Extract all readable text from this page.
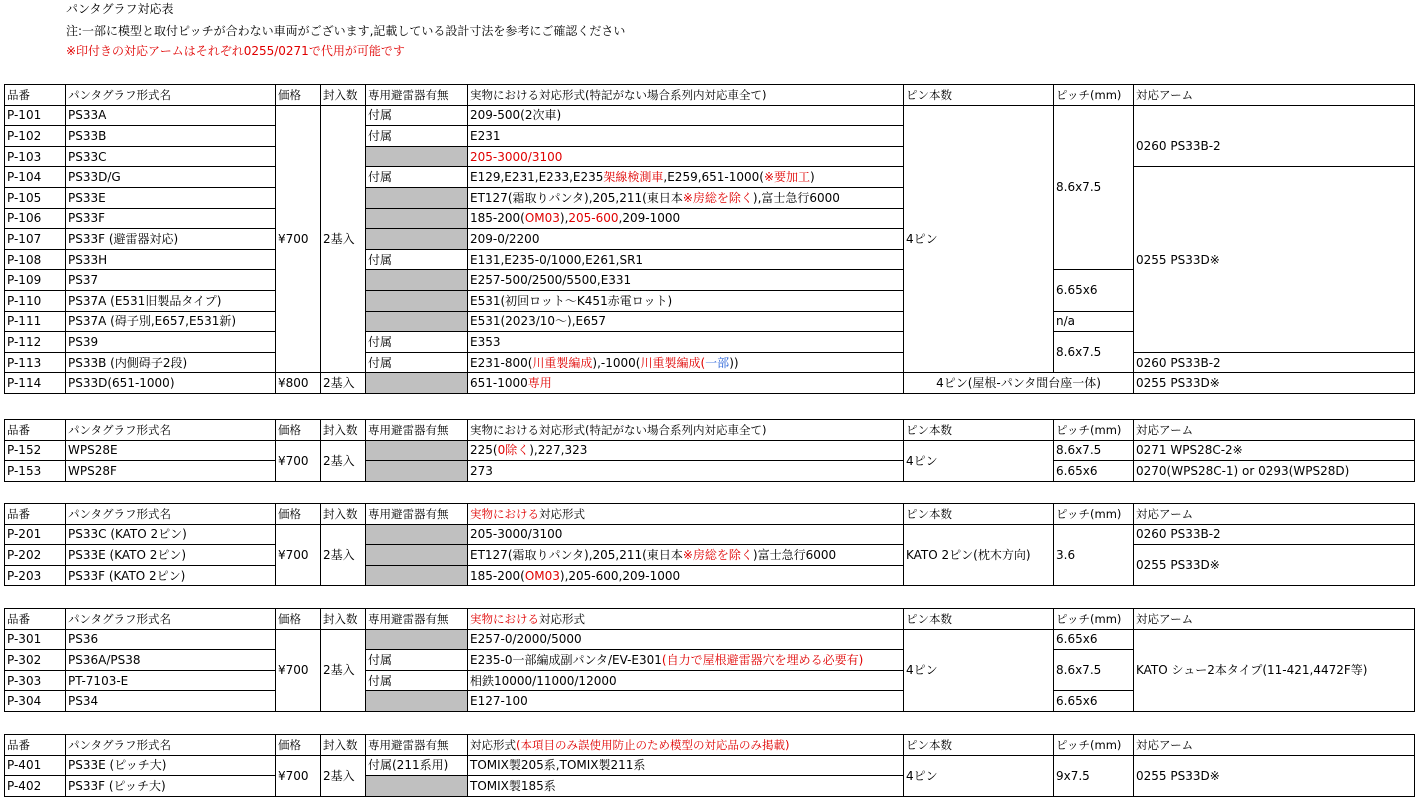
パンタグラフ対応表
注:一部に模型と取付ピッチが合わない車両がございます,記載している設計寸法を参考にご確認ください
※印付きの対応アームはそれぞれ0255/0271で代用が可能です
品番	パンタグラフ形式名	価格	封入数	専用避雷器有無	実物における対応形式(特記がない場合系列内対応車全て)	ピン本数	ピッチ(mm)	対応アーム
P-101	PS33A	¥700	2基入	付属	209-500(2次車)	4ピン	8.6x7.5	
P-102	PS33B			付属	E231			0260 PS33B-2
P-103	PS33C				205-3000/3100			
P-104	PS33D/G			付属	E129,E231,E233,E235架線検測車,E259,651-1000(※要加工)			0255 PS33D※
P-105	PS33E				ET127(霜取りパンタ),205,211(東日本※房総を除く),富士急行6000			
P-106	PS33F				185-200(OM03),205-600,209-1000			
P-107	PS33F (避雷器対応)				209-0/2200			
P-108	PS33H			付属	E131,E235-0/1000,E261,SR1			
P-109	PS37				E257-500/2500/5500,E331		6.65x6	
P-110	PS37A (E531旧製品タイプ)				E531(初回ロット〜K451赤電ロット)			
P-111	PS37A (碍子別,E657,E531新)				E531(2023/10〜),E657		n/a	
P-112	PS39			付属	E353		8.6x7.5	
P-113	PS33B (内側碍子2段)			付属	E231-800(川重製編成),-1000(川重製編成(一部))			0260 PS33B-2
P-114	PS33D(651-1000)	¥800	2基入		651-1000専用	4ピン(屋根-パンタ間台座一体)		0255 PS33D※
品番	パンタグラフ形式名	価格	封入数	専用避雷器有無	実物における対応形式(特記がない場合系列内対応車全て)	ピン本数	ピッチ(mm)	対応アーム
P-152	WPS28E	¥700	2基入		225(0除く),227,323	4ピン	8.6x7.5	0271 WPS28C-2※
P-153	WPS28F				273		6.65x6	0270(WPS28C-1) or 0293(WPS28D)
品番	パンタグラフ形式名	価格	封入数	専用避雷器有無	実物における対応形式	ピン本数	ピッチ(mm)	対応アーム
P-201	PS33C (KATO 2ピン)	¥700	2基入		205-3000/3100	KATO 2ピン(枕木方向)	3.6	0260 PS33B-2
P-202	PS33E (KATO 2ピン)				ET127(霜取りパンタ),205,211(東日本※房総を除く)富士急行6000			0255 PS33D※
P-203	PS33F (KATO 2ピン)				185-200(OM03),205-600,209-1000			
品番	パンタグラフ形式名	価格	封入数	専用避雷器有無	実物における対応形式	ピン本数	ピッチ(mm)	対応アーム
P-301	PS36	¥700	2基入		E257-0/2000/5000	4ピン	6.65x6	KATO シュー2本タイプ(11-421,4472F等)
P-302	PS36A/PS38			付属	E235-0一部編成副パンタ/EV-E301(自力で屋根避雷器穴を埋める必要有)		8.6x7.5	
P-303	PT-7103-E			付属	相鉄10000/11000/12000			
P-304	PS34				E127-100		6.65x6	
品番	パンタグラフ形式名	価格	封入数	専用避雷器有無	対応形式(本項目のみ誤使用防止のため模型の対応品のみ掲載)	ピン本数	ピッチ(mm)	対応アーム
P-401	PS33E (ピッチ大)	¥700	2基入	付属(211系用)	TOMIX製205系,TOMIX製211系	4ピン	9x7.5	0255 PS33D※
P-402	PS33F (ピッチ大)				TOMIX製185系			
